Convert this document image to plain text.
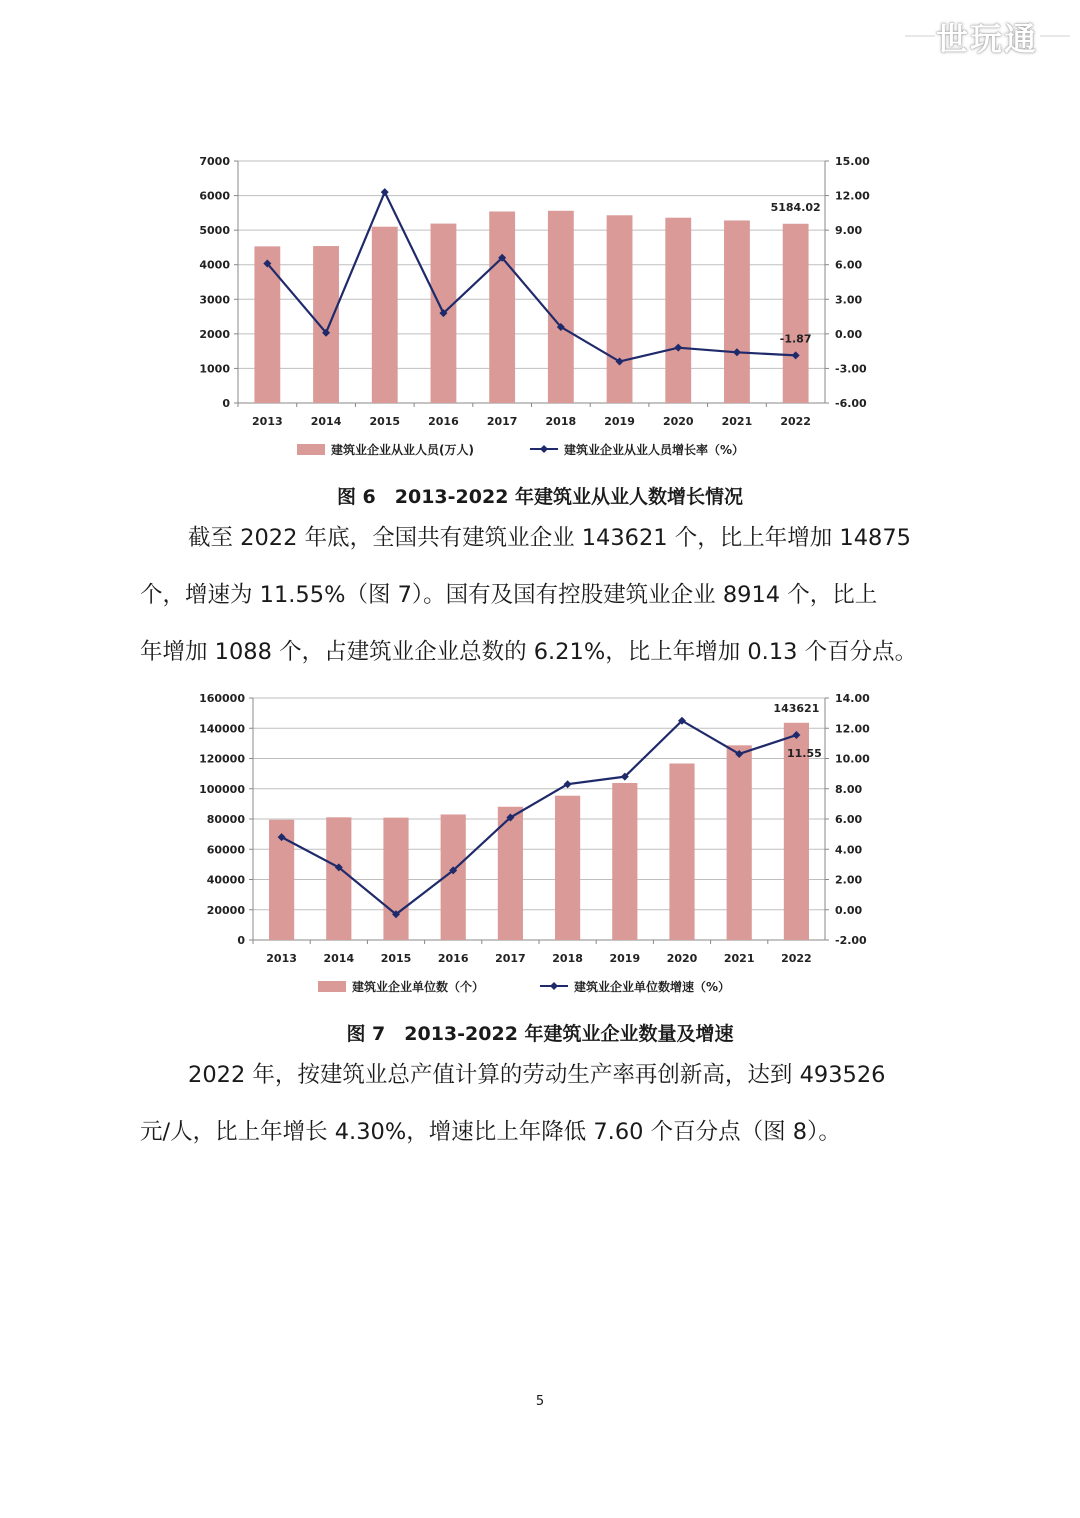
世玩通
7000
6000
5000
4000
3000
2000
1000
0
15.00
12.00
9.00
6.00
3.00
0.00
-3.00
-6.00
2013	2014	2015	2016	2017	2018	2019	2020	2021	2022
5184.02
-1.87
建筑业企业从业人员(万人)	建筑业企业从业人员增长率（%）
图 6　2013-2022 年建筑业从业人数增长情况
截至 2022 年底，全国共有建筑业企业 143621 个，比上年增加 14875
个，增速为 11.55%（图 7）。国有及国有控股建筑业企业 8914 个，比上
年增加 1088 个，占建筑业企业总数的 6.21%，比上年增加 0.13 个百分点。
160000
140000
120000
100000
80000
60000
40000
20000
0
14.00
12.00
10.00
8.00
6.00
4.00
2.00
0.00
-2.00
2013 2014 2015 2016 2017 2018 2019 2020 2021 2022
143621
11.55
建筑业企业单位数（个）	建筑业企业单位数增速（%）
图 7　2013-2022 年建筑业企业数量及增速
2022 年，按建筑业总产值计算的劳动生产率再创新高，达到 493526
元/人，比上年增长 4.30%，增速比上年降低 7.60 个百分点（图 8）。
5
